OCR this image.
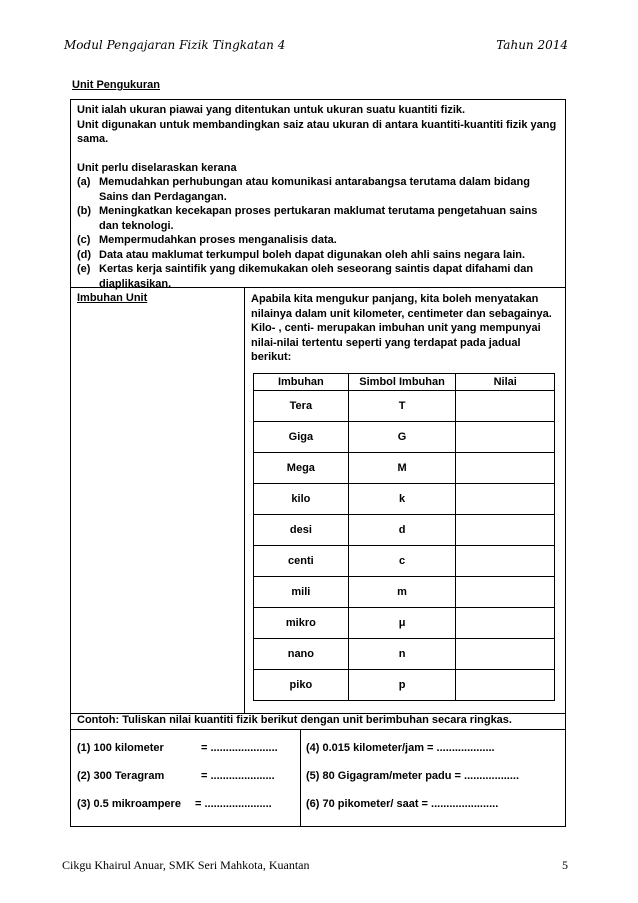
Modul Pengajaran Fizik Tingkatan 4	Tahun 2014
Unit Pengukuran

Unit ialah ukuran piawai yang ditentukan untuk ukuran suatu kuantiti fizik.

Unit digunakan untuk membandingkan saiz atau ukuran di antara kuantiti-kuantiti fizik yang sama.

Unit perlu diselaraskan kerana

(a) Memudahkan perhubungan atau komunikasi antarabangsa terutama dalam bidang Sains dan Perdagangan.
(b) Meningkatkan kecekapan proses pertukaran maklumat terutama pengetahuan sains dan teknologi.
(c) Mempermudahkan proses menganalisis data.
(d) Data atau maklumat terkumpul boleh dapat digunakan oleh ahli sains negara lain.
(e) Kertas kerja saintifik yang dikemukakan oleh seseorang saintis dapat difahami dan diaplikasikan.
Imbuhan Unit	Apabila kita mengukur panjang, kita boleh menyatakan nilainya dalam unit kilometer, centimeter dan sebagainya. Kilo- , centi- merupakan imbuhan unit yang mempunyai nilai-nilai tertentu seperti yang terdapat pada jadual berikut:
Imbuhan	Simbol Imbuhan	Nilai
Tera	T	
Giga	G	
Mega	M	
kilo	k	
desi	d	
centi	c	
mili	m	
mikro	μ	
nano	n	
piko	p	
Contoh: Tuliskan nilai kuantiti fizik berikut dengan unit berimbuhan secara ringkas.
(1) 100 kilometer	= ......................
(2) 300 Teragram	= .....................
(3) 0.5 mikroampere = ......................
(4) 0.015 kilometer/jam = ...................
(5) 80 Gigagram/meter padu = ..................
(6) 70 pikometer/ saat = ......................
Cikgu Khairul Anuar, SMK Seri Mahkota, Kuantan	5
